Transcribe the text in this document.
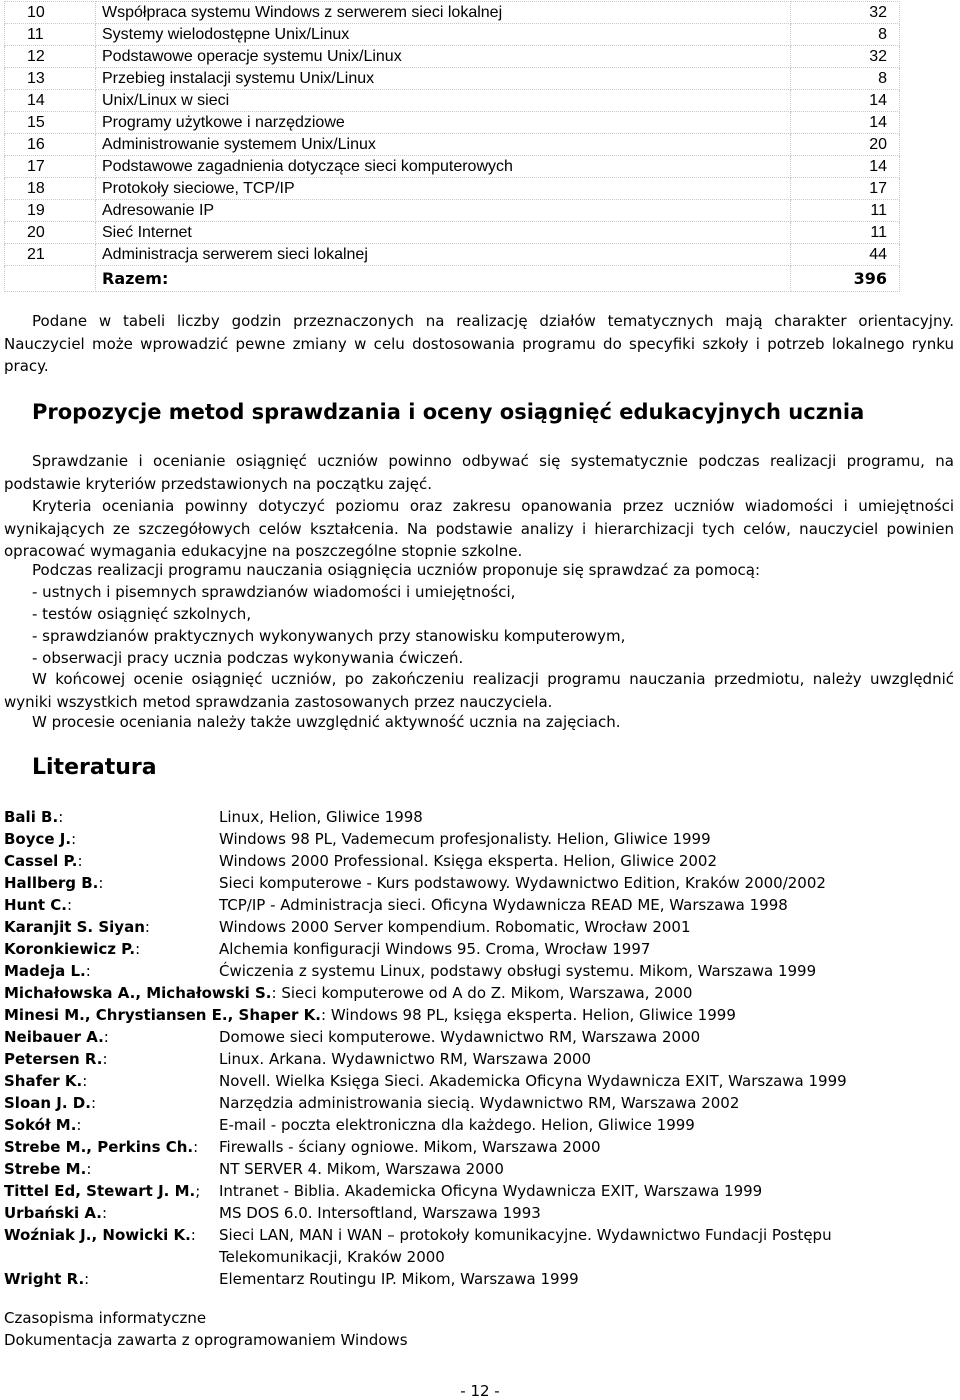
10	Współpraca systemu Windows z serwerem sieci lokalnej	32
11	Systemy wielodostępne Unix/Linux	8
12	Podstawowe operacje systemu Unix/Linux	32
13	Przebieg instalacji systemu Unix/Linux	8
14	Unix/Linux w sieci	14
15	Programy użytkowe i narzędziowe	14
16	Administrowanie systemem Unix/Linux	20
17	Podstawowe zagadnienia dotyczące sieci komputerowych	14
18	Protokoły sieciowe, TCP/IP	17
19	Adresowanie IP	11
20	Sieć Internet	11
21	Administracja serwerem sieci lokalnej	44
	Razem:	396
Podane w tabeli liczby godzin przeznaczonych na realizację działów tematycznych mają charakter orientacyjny. Nauczyciel może wprowadzić pewne zmiany w celu dostosowania programu do specyfiki szkoły i potrzeb lokalnego rynku pracy.
Propozycje metod sprawdzania i oceny osiągnięć edukacyjnych ucznia
Sprawdzanie i ocenianie osiągnięć uczniów powinno odbywać się systematycznie podczas realizacji programu, na podstawie kryteriów przedstawionych na początku zajęć.
Kryteria oceniania powinny dotyczyć poziomu oraz zakresu opanowania przez uczniów wiadomości i umiejętności wynikających ze szczegółowych celów kształcenia. Na podstawie analizy i hierarchizacji tych celów, nauczyciel powinien opracować wymagania edukacyjne na poszczególne stopnie szkolne.
Podczas realizacji programu nauczania osiągnięcia uczniów proponuje się sprawdzać za pomocą:
- ustnych i pisemnych sprawdzianów wiadomości i umiejętności,
- testów osiągnięć szkolnych,
- sprawdzianów praktycznych wykonywanych przy stanowisku komputerowym,
- obserwacji pracy ucznia podczas wykonywania ćwiczeń.
W końcowej ocenie osiągnięć uczniów, po zakończeniu realizacji programu nauczania przedmiotu, należy uwzględnić wyniki wszystkich metod sprawdzania zastosowanych przez nauczyciela.
W procesie oceniania należy także uwzględnić aktywność ucznia na zajęciach.
Literatura
Bali B.:	Linux, Helion, Gliwice 1998
Boyce J.:	Windows 98 PL, Vademecum profesjonalisty. Helion, Gliwice 1999
Cassel P.:	Windows 2000 Professional. Księga eksperta. Helion, Gliwice 2002
Hallberg B.:	Sieci komputerowe - Kurs podstawowy. Wydawnictwo Edition, Kraków 2000/2002
Hunt C.:	TCP/IP - Administracja sieci. Oficyna Wydawnicza READ ME, Warszawa 1998
Karanjit S. Siyan:	Windows 2000 Server kompendium. Robomatic, Wrocław 2001
Koronkiewicz P.:	Alchemia konfiguracji Windows 95. Croma, Wrocław 1997
Madeja L.:	Ćwiczenia z systemu Linux, podstawy obsługi systemu. Mikom, Warszawa 1999
Michałowska A., Michałowski S.: Sieci komputerowe od A do Z. Mikom, Warszawa, 2000
Minesi M., Chrystiansen E., Shaper K.: Windows 98 PL, księga eksperta. Helion, Gliwice 1999
Neibauer A.:	Domowe sieci komputerowe. Wydawnictwo RM, Warszawa 2000
Petersen R.:	Linux. Arkana. Wydawnictwo RM, Warszawa 2000
Shafer K.:	Novell. Wielka Księga Sieci. Akademicka Oficyna Wydawnicza EXIT, Warszawa 1999
Sloan J. D.:	Narzędzia administrowania siecią. Wydawnictwo RM, Warszawa 2002
Sokół M.:	E-mail - poczta elektroniczna dla każdego. Helion, Gliwice 1999
Strebe M., Perkins Ch.: Firewalls - ściany ogniowe. Mikom, Warszawa 2000
Strebe M.:	NT SERVER 4. Mikom, Warszawa 2000
Tittel Ed, Stewart J. M.; Intranet - Biblia. Akademicka Oficyna Wydawnicza EXIT, Warszawa 1999
Urbański A.:	MS DOS 6.0. Intersoftland, Warszawa 1993
Woźniak J., Nowicki K.: Sieci LAN, MAN i WAN – protokoły komunikacyjne. Wydawnictwo Fundacji Postępu Telekomunikacji, Kraków 2000
Wright R.:	Elementarz Routingu IP. Mikom, Warszawa 1999
Czasopisma informatyczne
Dokumentacja zawarta z oprogramowaniem Windows
- 12 -
